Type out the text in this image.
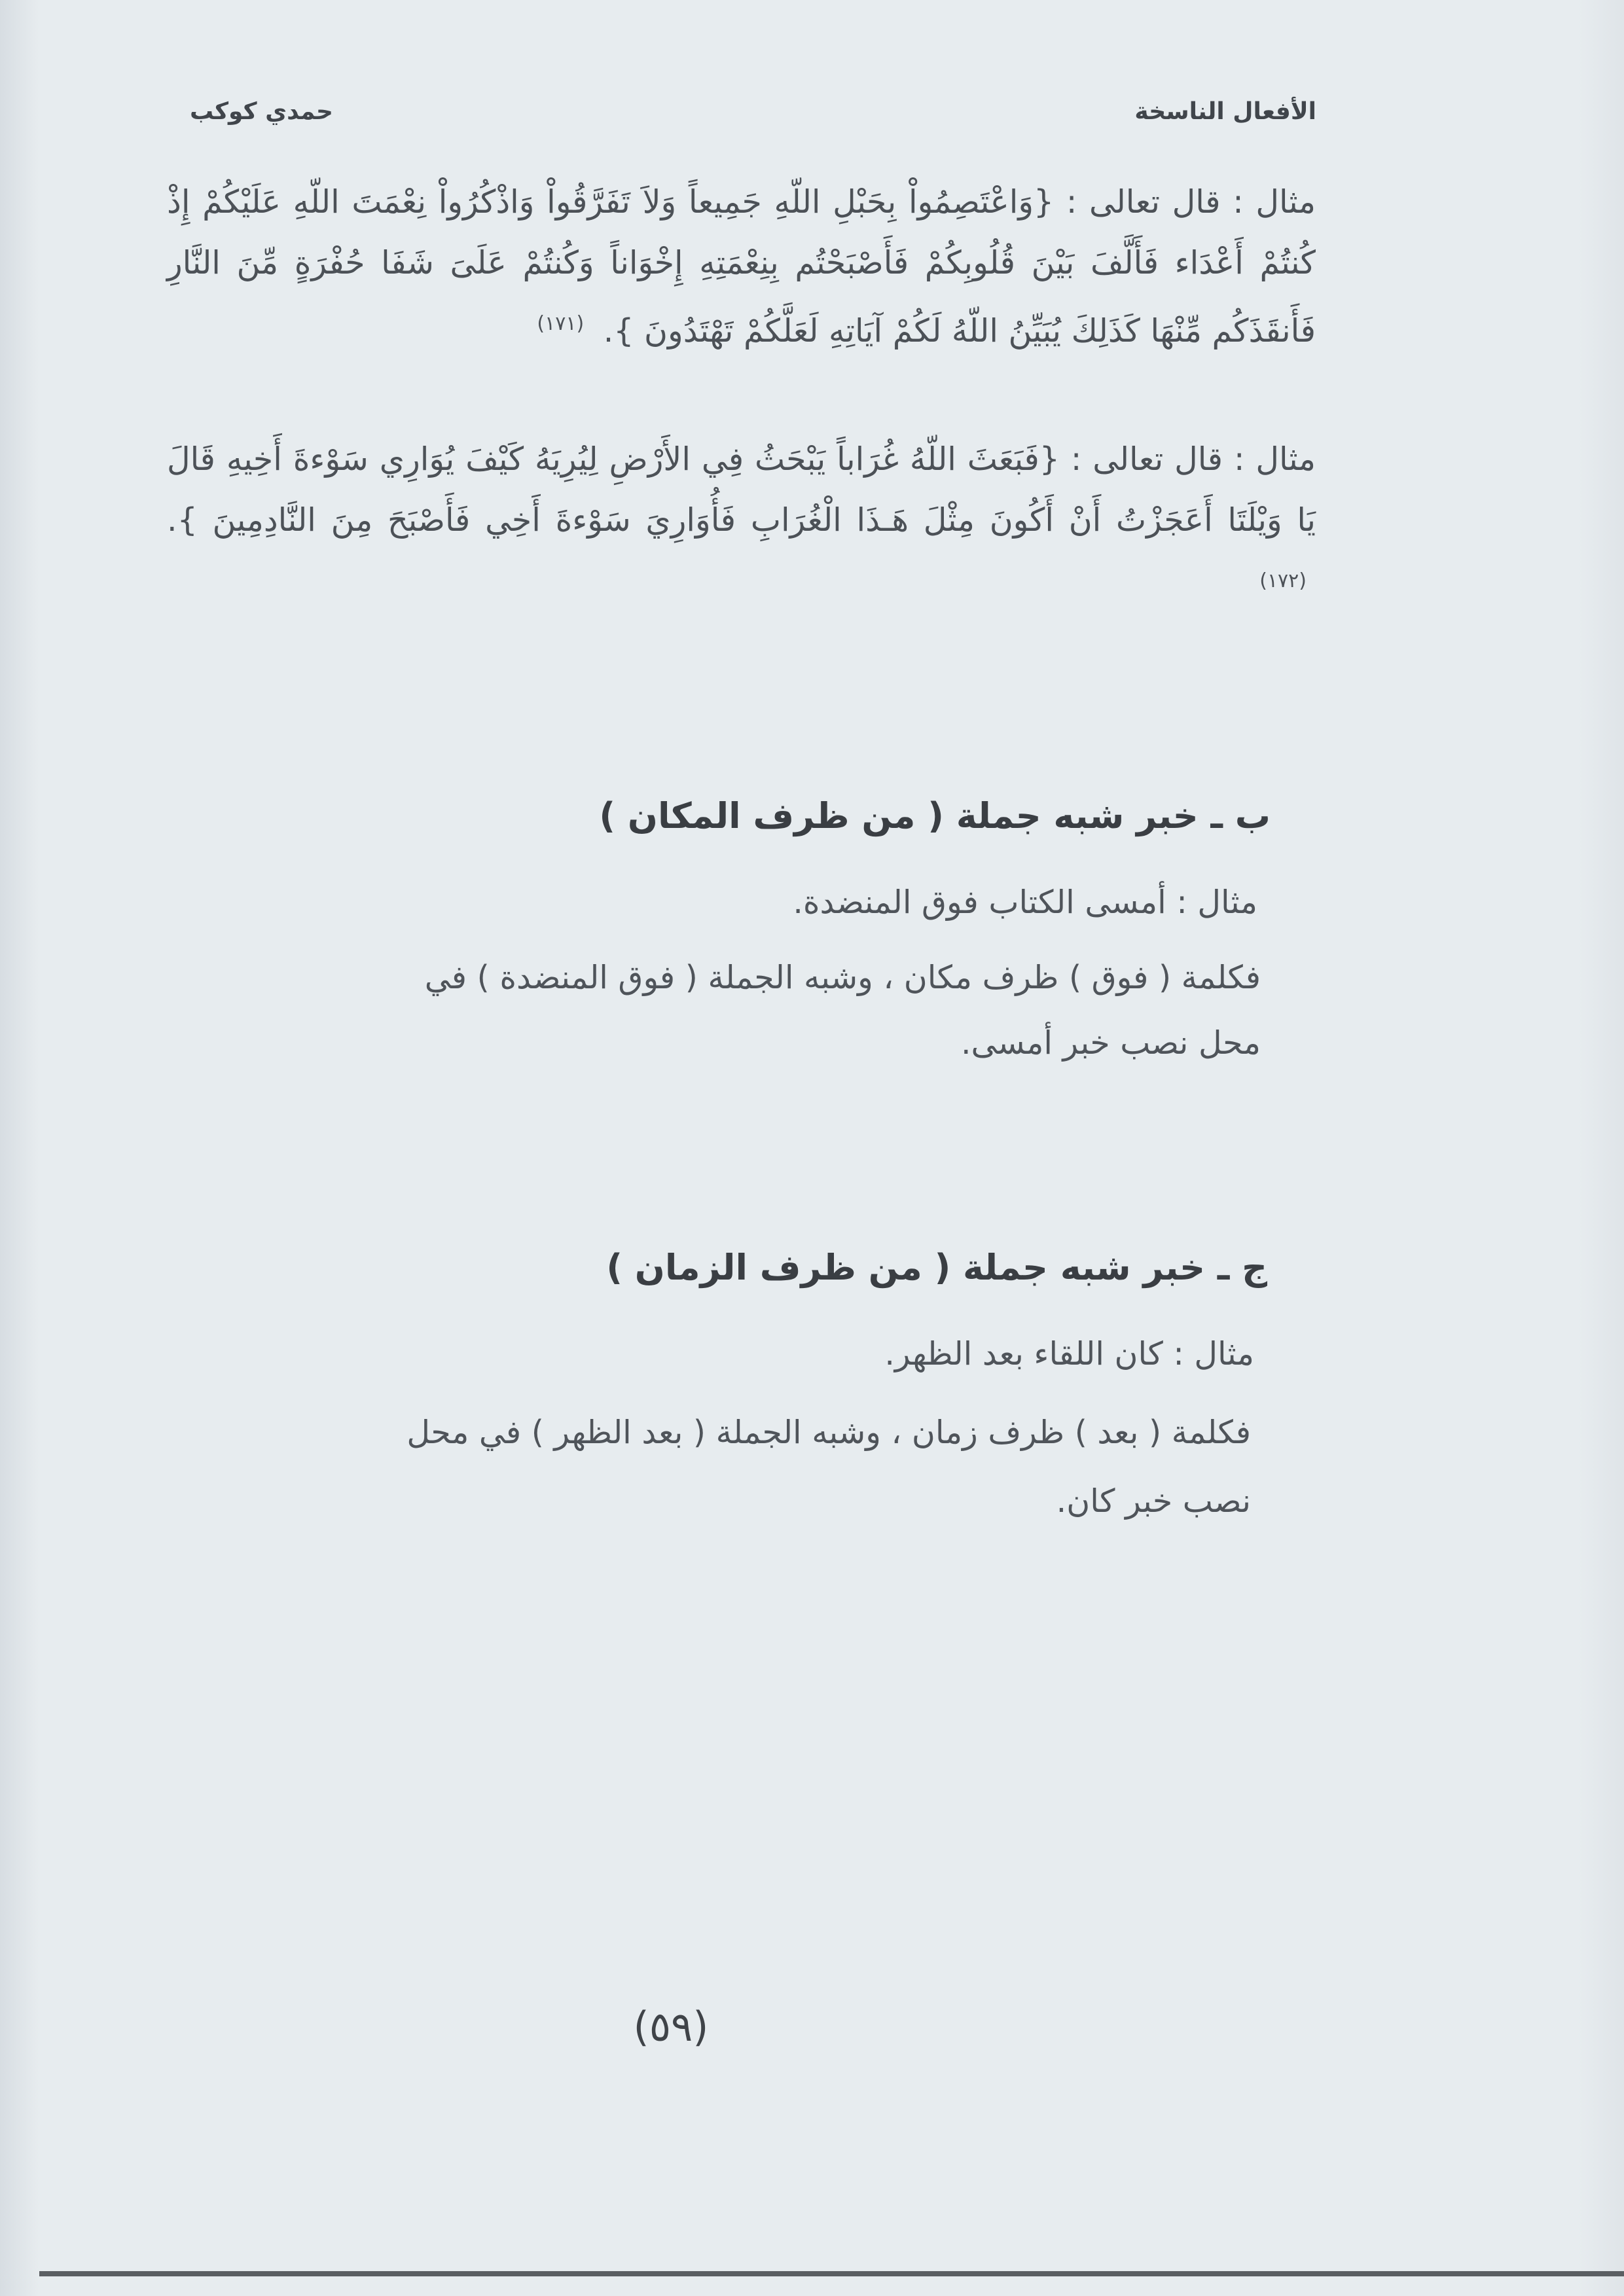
الأفعال الناسخة
حمدي كوكب

مثال : قال تعالى : {وَاعْتَصِمُواْ بِحَبْلِ اللّهِ جَمِيعاً وَلاَ تَفَرَّقُواْ وَاذْكُرُواْ نِعْمَتَ اللّهِ عَلَيْكُمْ إِذْ كُنتُمْ أَعْدَاء فَأَلَّفَ بَيْنَ قُلُوبِكُمْ فَأَصْبَحْتُم بِنِعْمَتِهِ إِخْوَاناً وَكُنتُمْ عَلَىَ شَفَا حُفْرَةٍ مِّنَ النَّارِ فَأَنقَذَكُم مِّنْهَا كَذَلِكَ يُبَيِّنُ اللّهُ لَكُمْ آيَاتِهِ لَعَلَّكُمْ تَهْتَدُونَ }. $^{(١٧١)}$

مثال : قال تعالى : {فَبَعَثَ اللّهُ غُرَاباً يَبْحَثُ فِي الأَرْضِ لِيُرِيَهُ كَيْفَ يُوَارِي سَوْءةَ أَخِيهِ قَالَ يَا وَيْلَتَا أَعَجَزْتُ أَنْ أَكُونَ مِثْلَ هَـذَا الْغُرَابِ فَأُوَارِيَ سَوْءةَ أَخِي فَأَصْبَحَ مِنَ النَّادِمِينَ }. $^{(١٧٢)}$

ب ـ خبر شبه جملة ( من ظرف المكان )
مثال : أمسى الكتاب فوق المنضدة.
فكلمة ( فوق ) ظرف مكان ، وشبه الجملة ( فوق المنضدة ) في
محل نصب خبر أمسى.
ج ـ خبر شبه جملة ( من ظرف الزمان )
مثال : كان اللقاء بعد الظهر.
فكلمة ( بعد ) ظرف زمان ، وشبه الجملة ( بعد الظهر ) في محل
نصب خبر كان.
(٥٩)
